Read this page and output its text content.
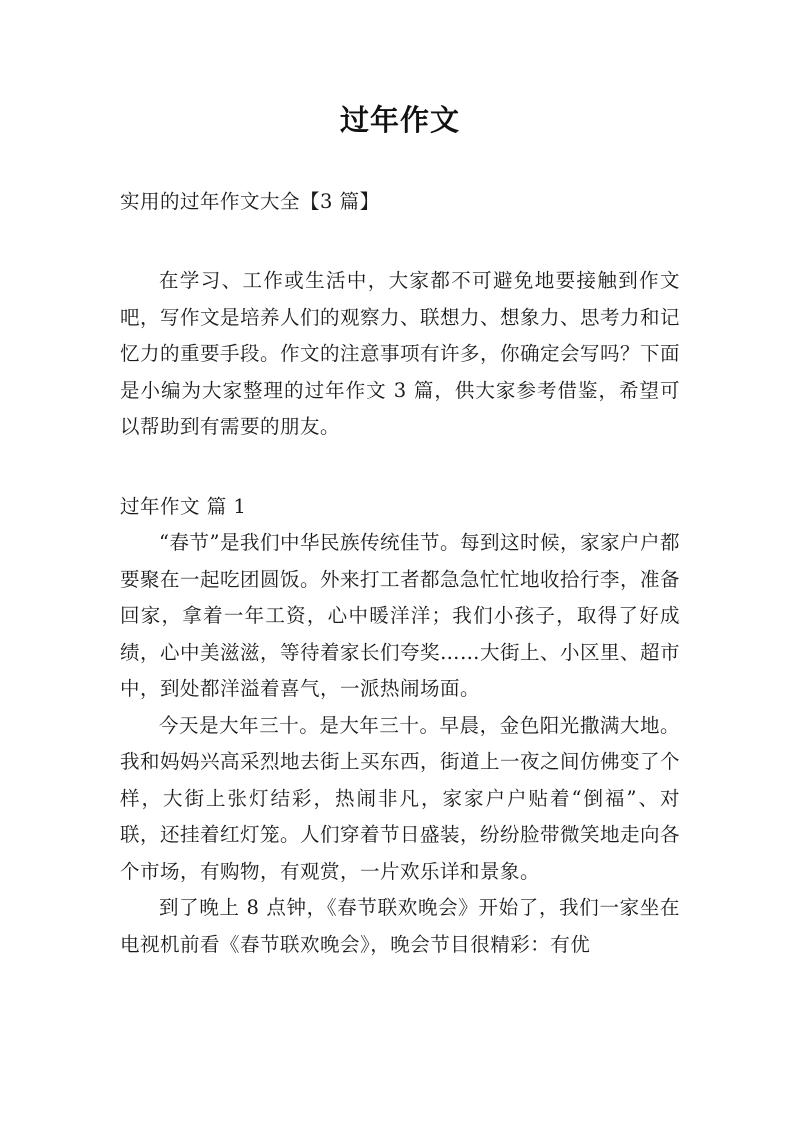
过年作文

实用的过年作文大全【3 篇】

在学习、工作或生活中，大家都不可避免地要接触到作文吧，写作文是培养人们的观察力、联想力、想象力、思考力和记忆力的重要手段。作文的注意事项有许多，你确定会写吗？下面是小编为大家整理的过年作文 3 篇，供大家参考借鉴，希望可以帮助到有需要的朋友。

过年作文 篇 1

“春节”是我们中华民族传统佳节。每到这时候，家家户户都要聚在一起吃团圆饭。外来打工者都急急忙忙地收拾行李，准备回家，拿着一年工资，心中暖洋洋；我们小孩子，取得了好成绩，心中美滋滋，等待着家长们夸奖……大街上、小区里、超市中，到处都洋溢着喜气，一派热闹场面。

今天是大年三十。是大年三十。早晨，金色阳光撒满大地。我和妈妈兴高采烈地去街上买东西，街道上一夜之间仿佛变了个样，大街上张灯结彩，热闹非凡，家家户户贴着“倒福”、对联，还挂着红灯笼。人们穿着节日盛装，纷纷脸带微笑地走向各个市场，有购物，有观赏，一片欢乐详和景象。

到了晚上 8 点钟，《春节联欢晚会》开始了，我们一家坐在电视机前看《春节联欢晚会》，晚会节目很精彩：有优
